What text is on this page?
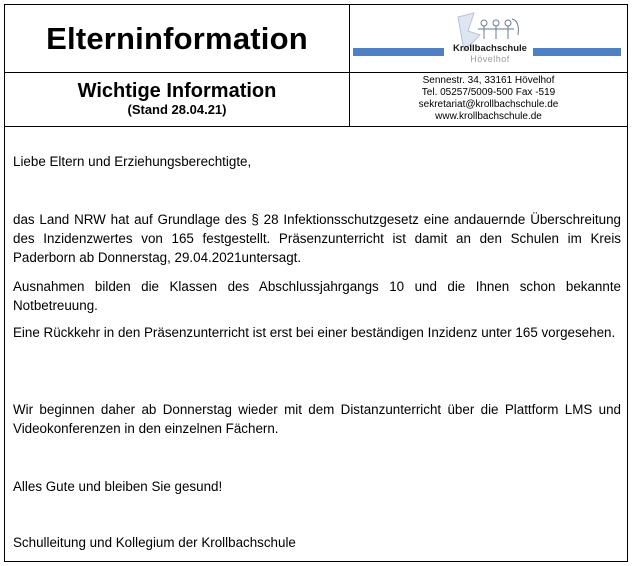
Elterninformation	Krollbachschule
Hövelhof
Wichtige Information
(Stand 28.04.21)
Sennestr. 34, 33161 Hövelhof
Tel. 05257/5009-500 Fax -519
sekretariat@krollbachschule.de
www.krollbachschule.de
Liebe Eltern und Erziehungsberechtigte,
das Land NRW hat auf Grundlage des § 28 Infektionsschutzgesetz eine andauernde Überschreitung des Inzidenzwertes von 165 festgestellt. Präsenzunterricht ist damit an den Schulen im Kreis Paderborn ab Donnerstag, 29.04.2021untersagt.
Ausnahmen bilden die Klassen des Abschlussjahrgangs 10 und die Ihnen schon bekannte Notbetreuung.
Eine Rückkehr in den Präsenzunterricht ist erst bei einer beständigen Inzidenz unter 165 vorgesehen.
Wir beginnen daher ab Donnerstag wieder mit dem Distanzunterricht über die Plattform LMS und Videokonferenzen in den einzelnen Fächern.
Alles Gute und bleiben Sie gesund!
Schulleitung und Kollegium der Krollbachschule
